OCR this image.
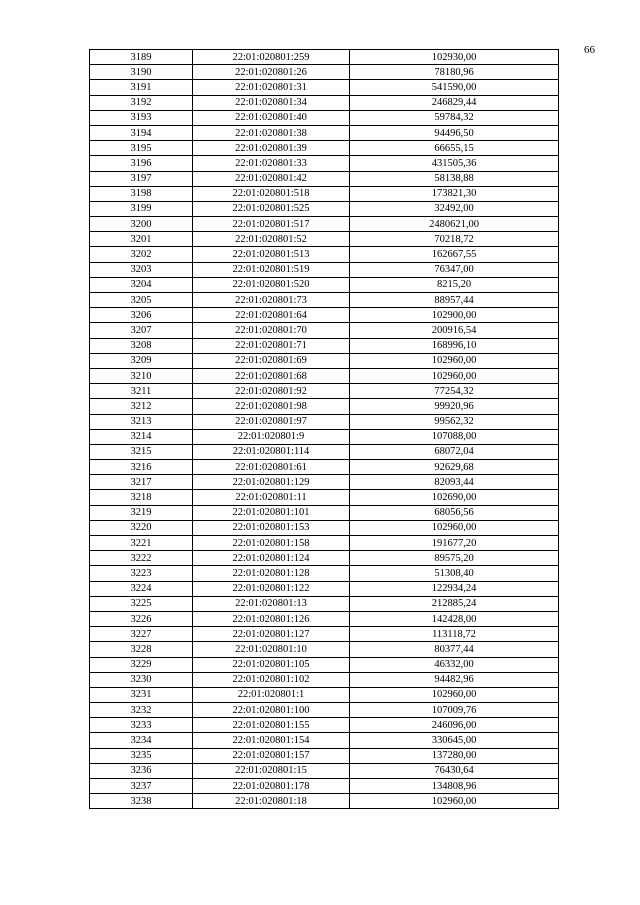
66
3189	22:01:020801:259	102930,00
3190	22:01:020801:26	78180,96
3191	22:01:020801:31	541590,00
3192	22:01:020801:34	246829,44
3193	22:01:020801:40	59784,32
3194	22:01:020801:38	94496,50
3195	22:01:020801:39	66655,15
3196	22:01:020801:33	431505,36
3197	22:01:020801:42	58138,88
3198	22:01:020801:518	173821,30
3199	22:01:020801:525	32492,00
3200	22:01:020801:517	2480621,00
3201	22:01:020801:52	70218,72
3202	22:01:020801:513	162667,55
3203	22:01:020801:519	76347,00
3204	22:01:020801:520	8215,20
3205	22:01:020801:73	88957,44
3206	22:01:020801:64	102900,00
3207	22:01:020801:70	200916,54
3208	22:01:020801:71	168996,10
3209	22:01:020801:69	102960,00
3210	22:01:020801:68	102960,00
3211	22:01:020801:92	77254,32
3212	22:01:020801:98	99920,96
3213	22:01:020801:97	99562,32
3214	22:01:020801:9	107088,00
3215	22:01:020801:114	68072,04
3216	22:01:020801:61	92629,68
3217	22:01:020801:129	82093,44
3218	22:01:020801:11	102690,00
3219	22:01:020801:101	68056,56
3220	22:01:020801:153	102960,00
3221	22:01:020801:158	191677,20
3222	22:01:020801:124	89575,20
3223	22:01:020801:128	51308,40
3224	22:01:020801:122	122934,24
3225	22:01:020801:13	212885,24
3226	22:01:020801:126	142428,00
3227	22:01:020801:127	113118,72
3228	22:01:020801:10	80377,44
3229	22:01:020801:105	46332,00
3230	22:01:020801:102	94482,96
3231	22:01:020801:1	102960,00
3232	22:01:020801:100	107009,76
3233	22:01:020801:155	246096,00
3234	22:01:020801:154	330645,00
3235	22:01:020801:157	137280,00
3236	22:01:020801:15	76430,64
3237	22:01:020801:178	134808,96
3238	22:01:020801:18	102960,00
